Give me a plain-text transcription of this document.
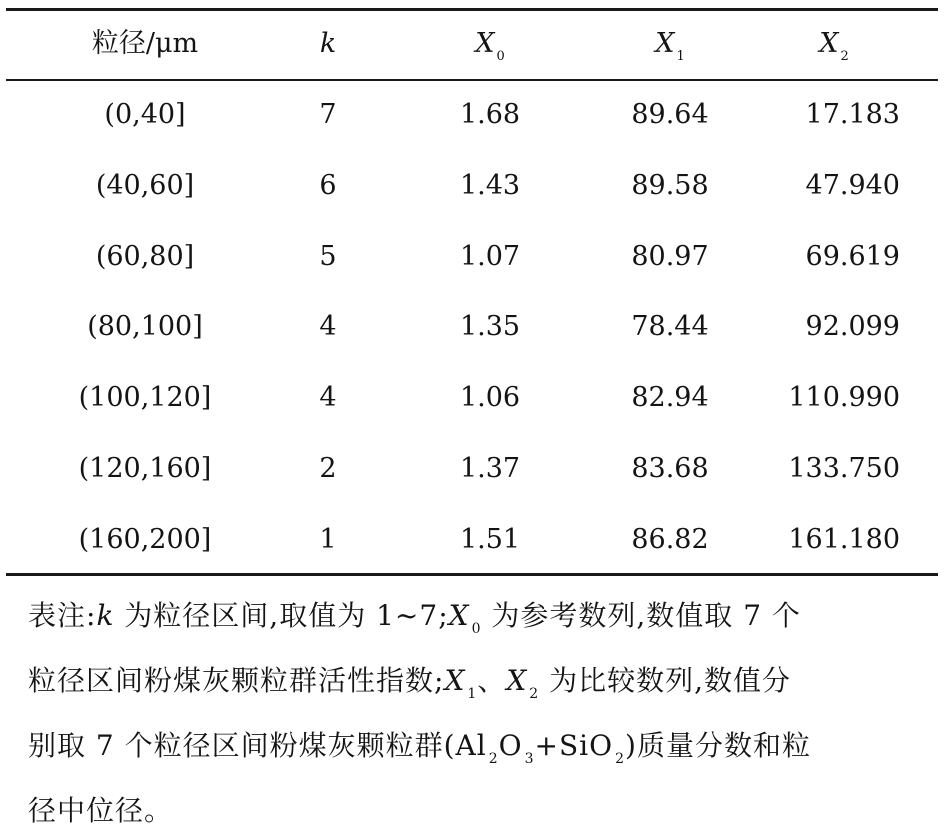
粒径/μm	k	X $_0$	X $_1$	X $_2$
(0,40]	7	1.68	89.64	17.183
(40,60]	6	1.43	89.58	47.940
(60,80]	5	1.07	80.97	69.619
(80,100]	4	1.35	78.44	92.099
(100,120]	4	1.06	82.94	110.990
(120,160]	2	1.37	83.68	133.750
(160,200]	1	1.51	86.82	161.180
表注:k 为粒径区间,取值为 1~7;X $_0$ 为参考数列,数值取 7 个
粒径区间粉煤灰颗粒群活性指数;X $_1$、X $_2$ 为比较数列,数值分
别取 7 个粒径区间粉煤灰颗粒群(Al $_2$O $_3$+SiO $_2$)质量分数和粒
径中位径。
